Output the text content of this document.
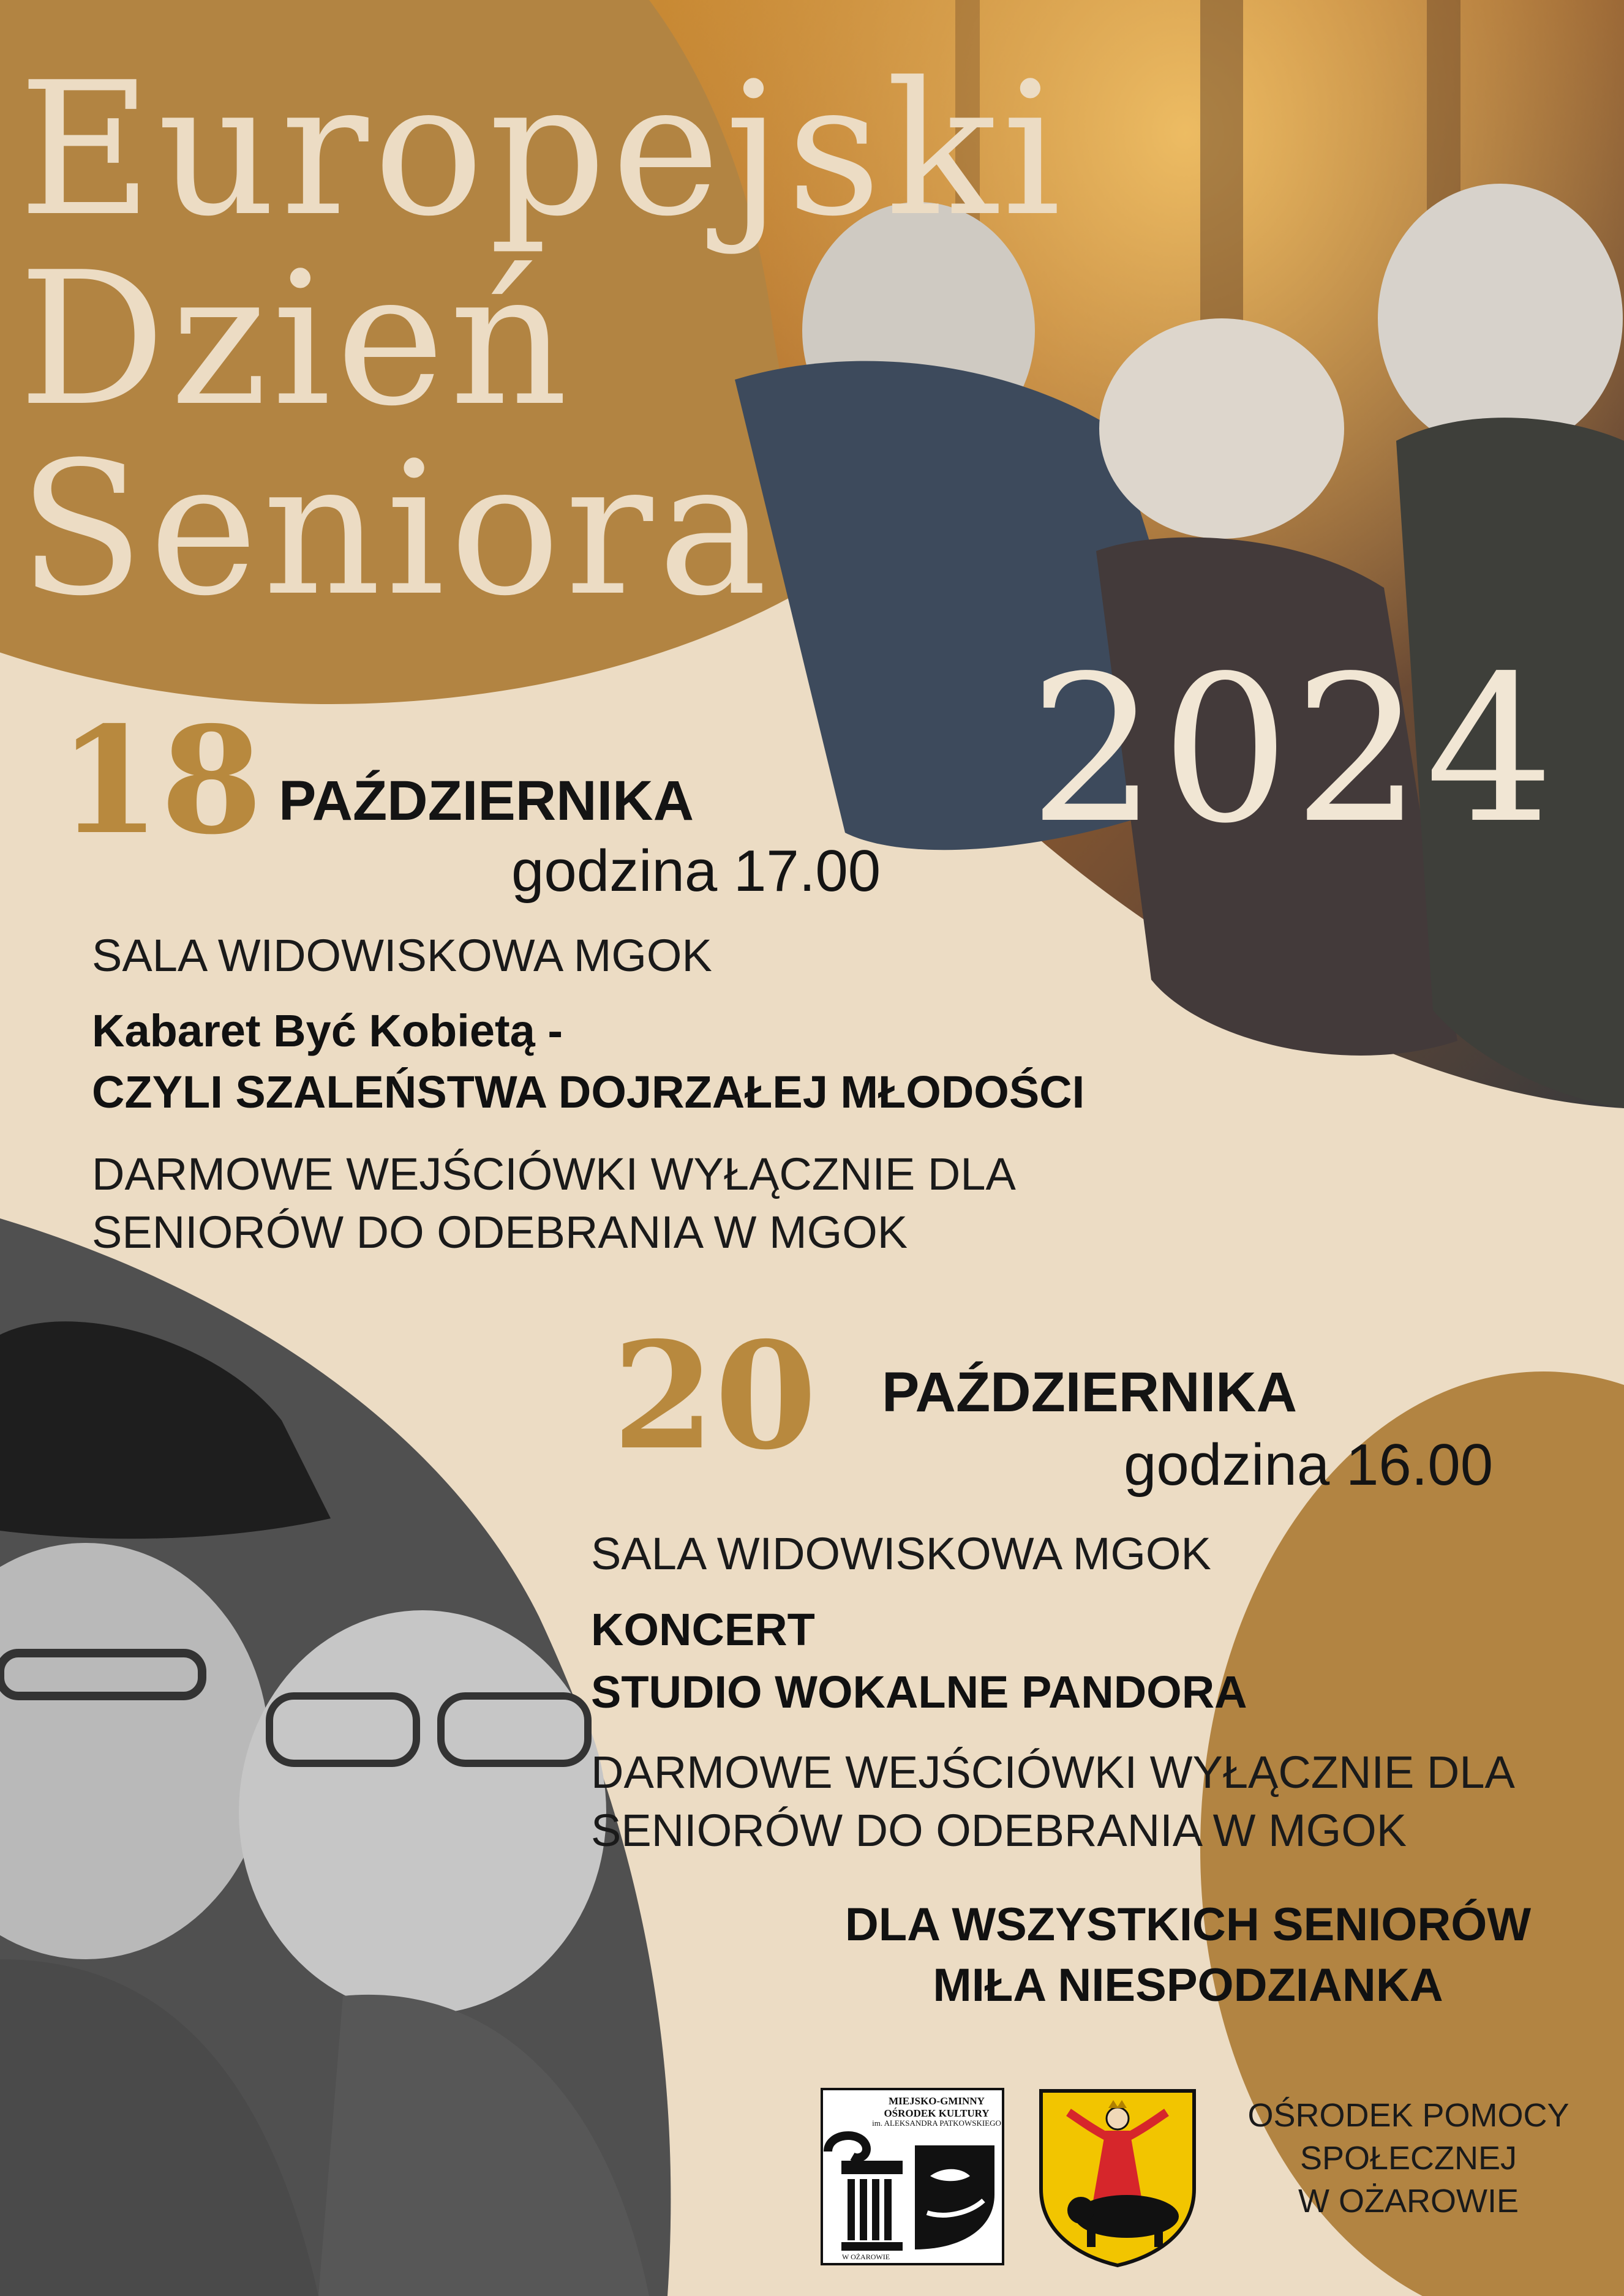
Europejski
Dzień
Seniora
2024
18 PAŹDZIERNIKA
godzina 17.00
SALA WIDOWISKOWA MGOK
Kabaret Być Kobietą -
CZYLI SZALEŃSTWA DOJRZAŁEJ MŁODOŚCI
DARMOWE WEJŚCIÓWKI WYŁĄCZNIE DLA
SENIORÓW DO ODEBRANIA W MGOK
20 PAŹDZIERNIKA
godzina 16.00
SALA WIDOWISKOWA MGOK
KONCERT
STUDIO WOKALNE PANDORA
DARMOWE WEJŚCIÓWKI WYŁĄCZNIE DLA
SENIORÓW DO ODEBRANIA W MGOK
DLA WSZYSTKICH SENIORÓW
MIŁA NIESPODZIANKA
MIEJSKO-GMINNY
OŚRODEK KULTURY
im. ALEKSANDRA PATKOWSKIEGO
W OŻAROWIE
OŚRODEK POMOCY
SPOŁECZNEJ
W OŻAROWIE
